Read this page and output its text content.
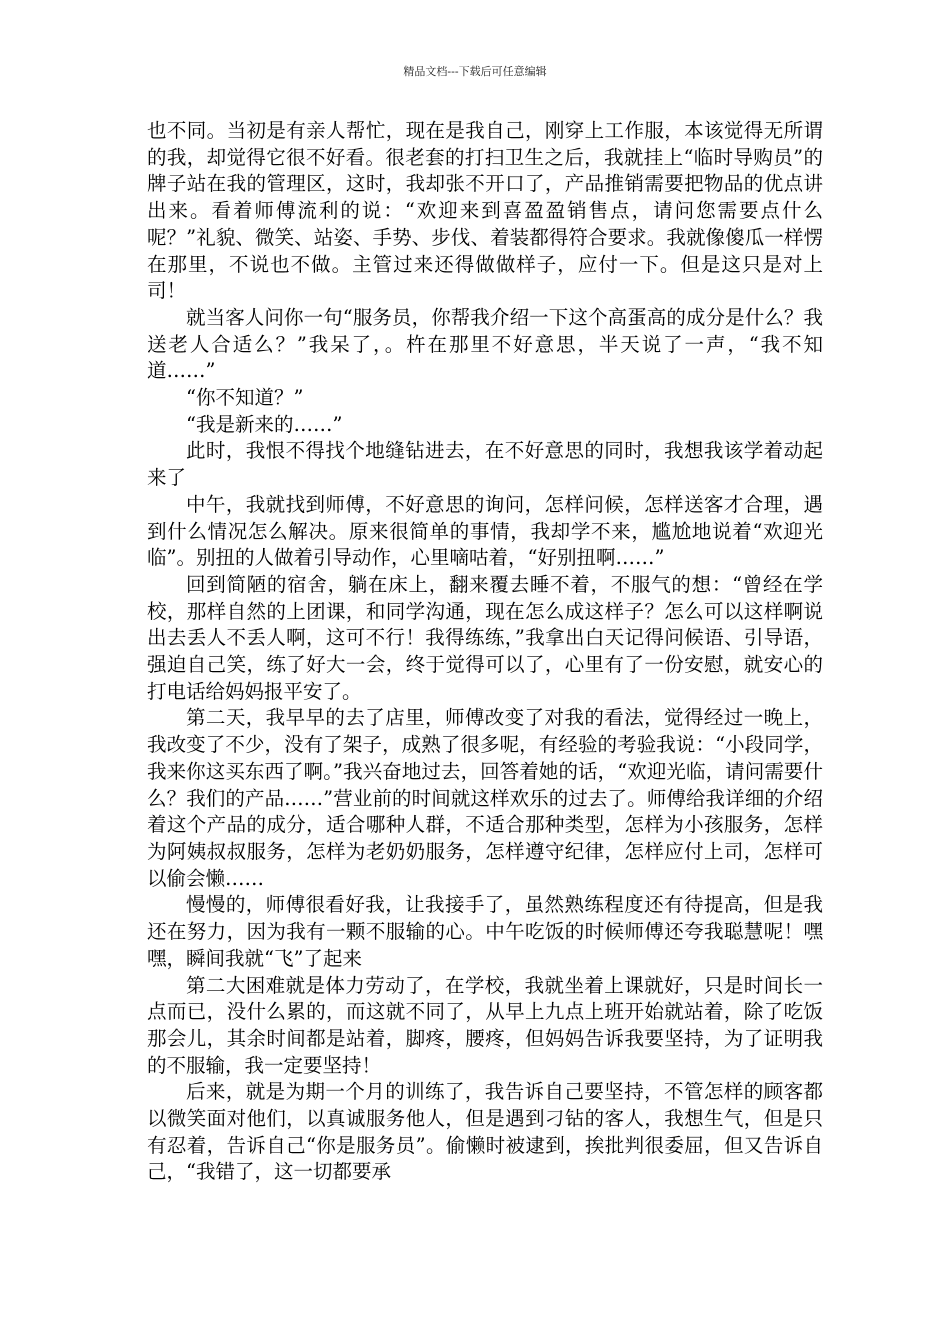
精品文档---下载后可任意编辑

也不同。当初是有亲人帮忙，现在是我自己，刚穿上工作服，本该觉得无所谓的我，却觉得它很不好看。很老套的打扫卫生之后，我就挂上“临时导购员”的牌子站在我的管理区，这时，我却张不开口了，产品推销需要把物品的优点讲出来。看着师傅流利的说：“欢迎来到喜盈盈销售点，请问您需要点什么呢？”礼貌、微笑、站姿、手势、步伐、着装都得符合要求。我就像傻瓜一样愣在那里，不说也不做。主管过来还得做做样子，应付一下。但是这只是对上司！

就当客人问你一句“服务员，你帮我介绍一下这个高蛋高的成分是什么？我送老人合适么？”我呆了，。杵在那里不好意思，半天说了一声，“我不知道……”

“你不知道？”

“我是新来的……”

此时，我恨不得找个地缝钻进去，在不好意思的同时，我想我该学着动起来了

中午，我就找到师傅，不好意思的询问，怎样问候，怎样送客才合理，遇到什么情况怎么解决。原来很简单的事情，我却学不来，尴尬地说着“欢迎光临”。别扭的人做着引导动作，心里嘀咕着，“好别扭啊……”

回到简陋的宿舍，躺在床上，翻来覆去睡不着，不服气的想：“曾经在学校，那样自然的上团课，和同学沟通，现在怎么成这样子？怎么可以这样啊说出去丢人不丢人啊，这可不行！我得练练，”我拿出白天记得问候语、引导语，强迫自己笑，练了好大一会，终于觉得可以了，心里有了一份安慰，就安心的打电话给妈妈报平安了。

第二天，我早早的去了店里，师傅改变了对我的看法，觉得经过一晚上，我改变了不少，没有了架子，成熟了很多呢，有经验的考验我说：“小段同学，我来你这买东西了啊。”我兴奋地过去，回答着她的话，“欢迎光临，请问需要什么？我们的产品……”营业前的时间就这样欢乐的过去了。师傅给我详细的介绍着这个产品的成分，适合哪种人群，不适合那种类型，怎样为小孩服务，怎样为阿姨叔叔服务，怎样为老奶奶服务，怎样遵守纪律，怎样应付上司，怎样可以偷会懒……

慢慢的，师傅很看好我，让我接手了，虽然熟练程度还有待提高，但是我还在努力，因为我有一颗不服输的心。中午吃饭的时候师傅还夸我聪慧呢！嘿嘿，瞬间我就“飞”了起来

第二大困难就是体力劳动了，在学校，我就坐着上课就好，只是时间长一点而已，没什么累的，而这就不同了，从早上九点上班开始就站着，除了吃饭那会儿，其余时间都是站着，脚疼，腰疼，但妈妈告诉我要坚持，为了证明我的不服输，我一定要坚持！

后来，就是为期一个月的训练了，我告诉自己要坚持，不管怎样的顾客都以微笑面对他们，以真诚服务他人，但是遇到刁钻的客人，我想生气，但是只有忍着，告诉自己“你是服务员”。偷懒时被逮到，挨批判很委屈，但又告诉自己，“我错了，这一切都要承
